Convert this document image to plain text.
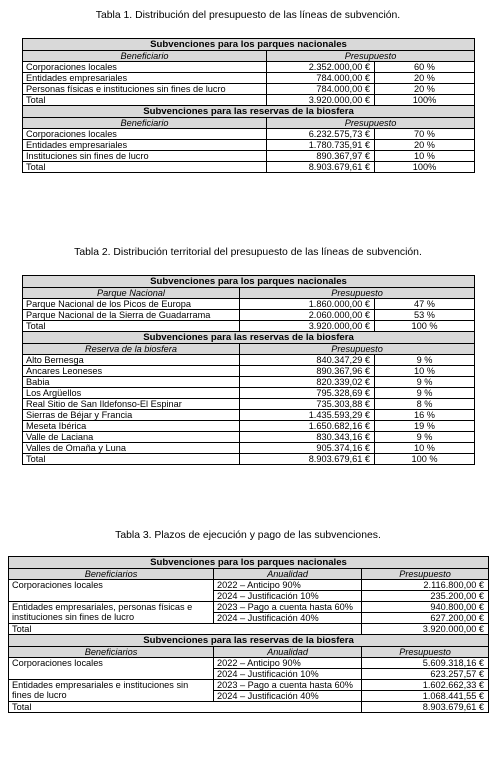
Tabla 1. Distribución del presupuesto de las líneas de subvención.
Subvenciones para los parques nacionales		
Beneficiario	Presupuesto	
Corporaciones locales	2.352.000,00 €	60 %
Entidades empresariales	784.000,00 €	20 %
Personas físicas e instituciones sin fines de lucro	784.000,00 €	20 %
Total	3.920.000,00 €	100%
Subvenciones para las reservas de la biosfera		
Beneficiario	Presupuesto	
Corporaciones locales	6.232.575,73 €	70 %
Entidades empresariales	1.780.735,91 €	20 %
Instituciones sin fines de lucro	890.367,97 €	10 %
Total	8.903.679,61 €	100%
Tabla 2. Distribución territorial del presupuesto de las líneas de subvención.
Subvenciones para los parques nacionales		
Parque Nacional	Presupuesto	
Parque Nacional de los Picos de Europa	1.860.000,00 €	47 %
Parque Nacional de la Sierra de Guadarrama	2.060.000,00 €	53 %
Total	3.920.000,00 €	100 %
Subvenciones para las reservas de la biosfera		
Reserva de la biosfera	Presupuesto	
Alto Bernesga	840.347,29 €	9 %
Ancares Leoneses	890.367,96 €	10 %
Babia	820.339,02 €	9 %
Los Argüellos	795.328,69 €	9 %
Real Sitio de San Ildefonso-El Espinar	735.303,88 €	8 %
Sierras de Béjar y Francia	1.435.593,29 €	16 %
Meseta Ibérica	1.650.682,16 €	19 %
Valle de Laciana	830.343,16 €	9 %
Valles de Omaña y Luna	905.374,16 €	10 %
Total	8.903.679,61 €	100 %
Tabla 3. Plazos de ejecución y pago de las subvenciones.
Subvenciones para los parques nacionales		
Beneficiarios	Anualidad	Presupuesto
Corporaciones locales	2022 – Anticipo 90%	2.116.800,00 €
	2024 – Justificación 10%	235.200,00 €
Entidades empresariales, personas físicas e instituciones sin fines de lucro	2023 – Pago a cuenta hasta 60%	940.800,00 €
	2024 – Justificación 40%	627.200,00 €
Total		3.920.000,00 €
Subvenciones para las reservas de la biosfera		
Beneficiarios	Anualidad	Presupuesto
Corporaciones locales	2022 – Anticipo 90%	5.609.318,16 €
	2024 – Justificación 10%	623.257,57 €
Entidades empresariales e instituciones sin fines de lucro	2023 – Pago a cuenta hasta 60%	1.602.662,33 €
	2024 – Justificación 40%	1.068.441,55 €
Total		8.903.679,61 €
